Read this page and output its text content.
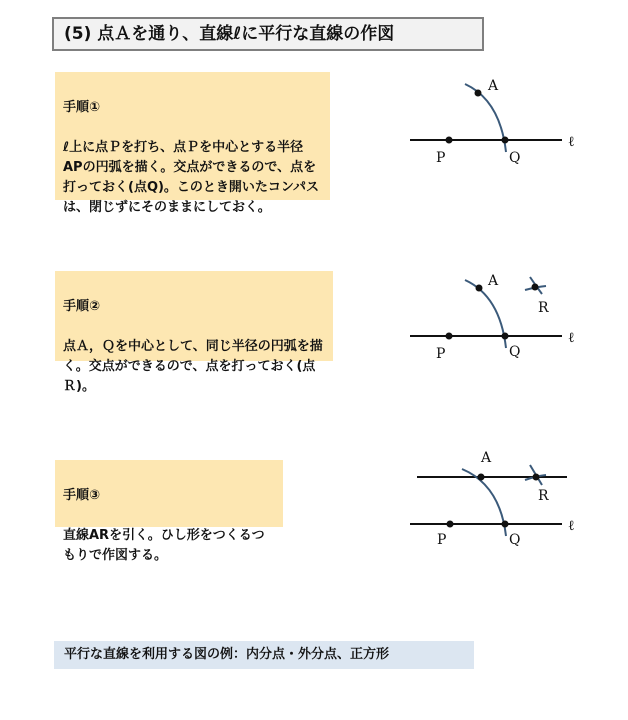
(5) 点Ａを通り、直線ℓに平行な直線の作図

手順①

ℓ上に点Ｐを打ち、点Ｐを中心とする半径APの円弧を描く。交点ができるので、点を打っておく(点Q)。このとき開いたコンパスは、閉じずにそのままにしておく。

手順②

点Ａ，Ｑを中心として、同じ半径の円弧を描く。交点ができるので、点を打っておく(点Ｒ)。

手順③

直線ARを引く。ひし形をつくるつもりで作図する。

A
P	Q
ℓ
A
R
P	Q
ℓ
A
R
P	Q
ℓ
平行な直線を利用する図の例：内分点・外分点、正方形
